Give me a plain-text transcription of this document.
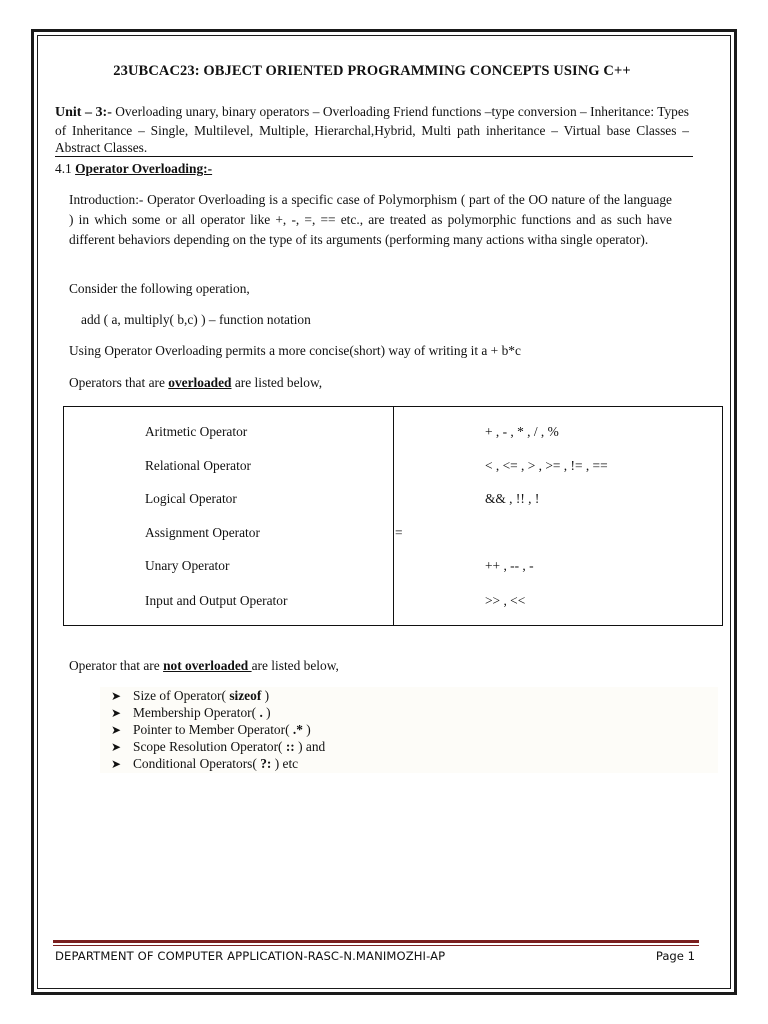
23UBCAC23: OBJECT ORIENTED PROGRAMMING CONCEPTS USING C++
Unit – 3:- Overloading unary, binary operators – Overloading Friend functions –type conversion – Inheritance: Types of Inheritance – Single, Multilevel, Multiple, Hierarchal,Hybrid, Multi path inheritance – Virtual base Classes – Abstract Classes.
4.1 Operator Overloading:-
Introduction:- Operator Overloading is a specific case of Polymorphism ( part of the OO nature of the language ) in which some or all operator like +, -, =, == etc., are treated as polymorphic functions and as such have different behaviors depending on the type of its arguments (performing many actions witha single operator).
Consider the following operation,
add ( a, multiply( b,c) ) – function notation
Using Operator Overloading permits a more concise(short) way of writing it a + b*c
Operators that are overloaded are listed below,
Aritmetic Operator	+ , - , * , / , %
Relational Operator	< , <= , > , >= , != , ==
Logical Operator	&& , !! , !
Assignment Operator	=
Unary Operator	++ , -- , -
Input and Output Operator	>> , <<
Operator that are not overloaded are listed below,
➤ Size of Operator( sizeof )
➤ Membership Operator( . )
➤ Pointer to Member Operator( .* )
➤ Scope Resolution Operator( :: ) and
➤ Conditional Operators( ?: ) etc
DEPARTMENT OF COMPUTER APPLICATION-RASC-N.MANIMOZHI-AP	Page 1
